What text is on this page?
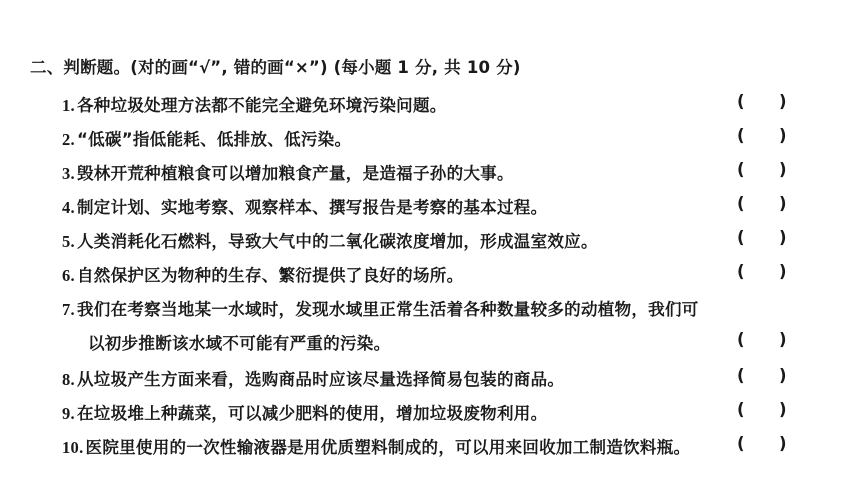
二、判断题。(对的画“√”, 错的画“×”) (每小题 1 分, 共 10 分)
1. 各种垃圾处理方法都不能完全避免环境污染问题。	(      )
2. “低碳”指低能耗、低排放、低污染。	(      )
3. 毁林开荒种植粮食可以增加粮食产量，是造福子孙的大事。	(      )
4. 制定计划、实地考察、观察样本、撰写报告是考察的基本过程。	(      )
5. 人类消耗化石燃料，导致大气中的二氧化碳浓度增加，形成温室效应。	(      )
6. 自然保护区为物种的生存、繁衍提供了良好的场所。	(      )
7. 我们在考察当地某一水域时，发现水域里正常生活着各种数量较多的动植物，我们可
以初步推断该水域不可能有严重的污染。	(      )
8. 从垃圾产生方面来看，选购商品时应该尽量选择简易包装的商品。	(      )
9. 在垃圾堆上种蔬菜，可以减少肥料的使用，增加垃圾废物利用。	(      )
10. 医院里使用的一次性输液器是用优质塑料制成的，可以用来回收加工制造饮料瓶。	(      )
